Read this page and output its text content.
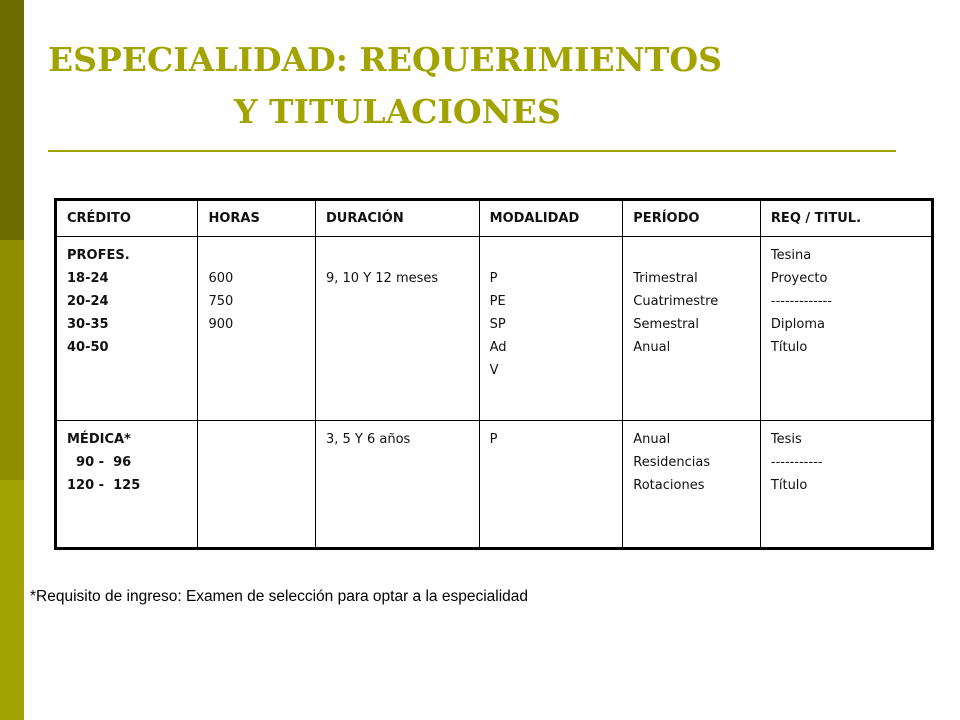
ESPECIALIDAD: REQUERIMIENTOS
Y TITULACIONES
CRÉDITO	HORAS	DURACIÓN	MODALIDAD	PERÍODO	REQ / TITUL.

PROFES.
18-24
20-24
30-35
40-50	600
750
900	9, 10 Y 12 meses	P
PE
SP
Ad
V	Trimestral
Cuatrimestre
Semestral
Anual	Tesina
Proyecto
-------------
Diploma
Título

MÉDICA*
90 -  96
120 -  125		3, 5 Y 6 años	P	Anual
Residencias
Rotaciones	Tesis
-----------
Título
*Requisito de ingreso: Examen de selección para optar a la especialidad
